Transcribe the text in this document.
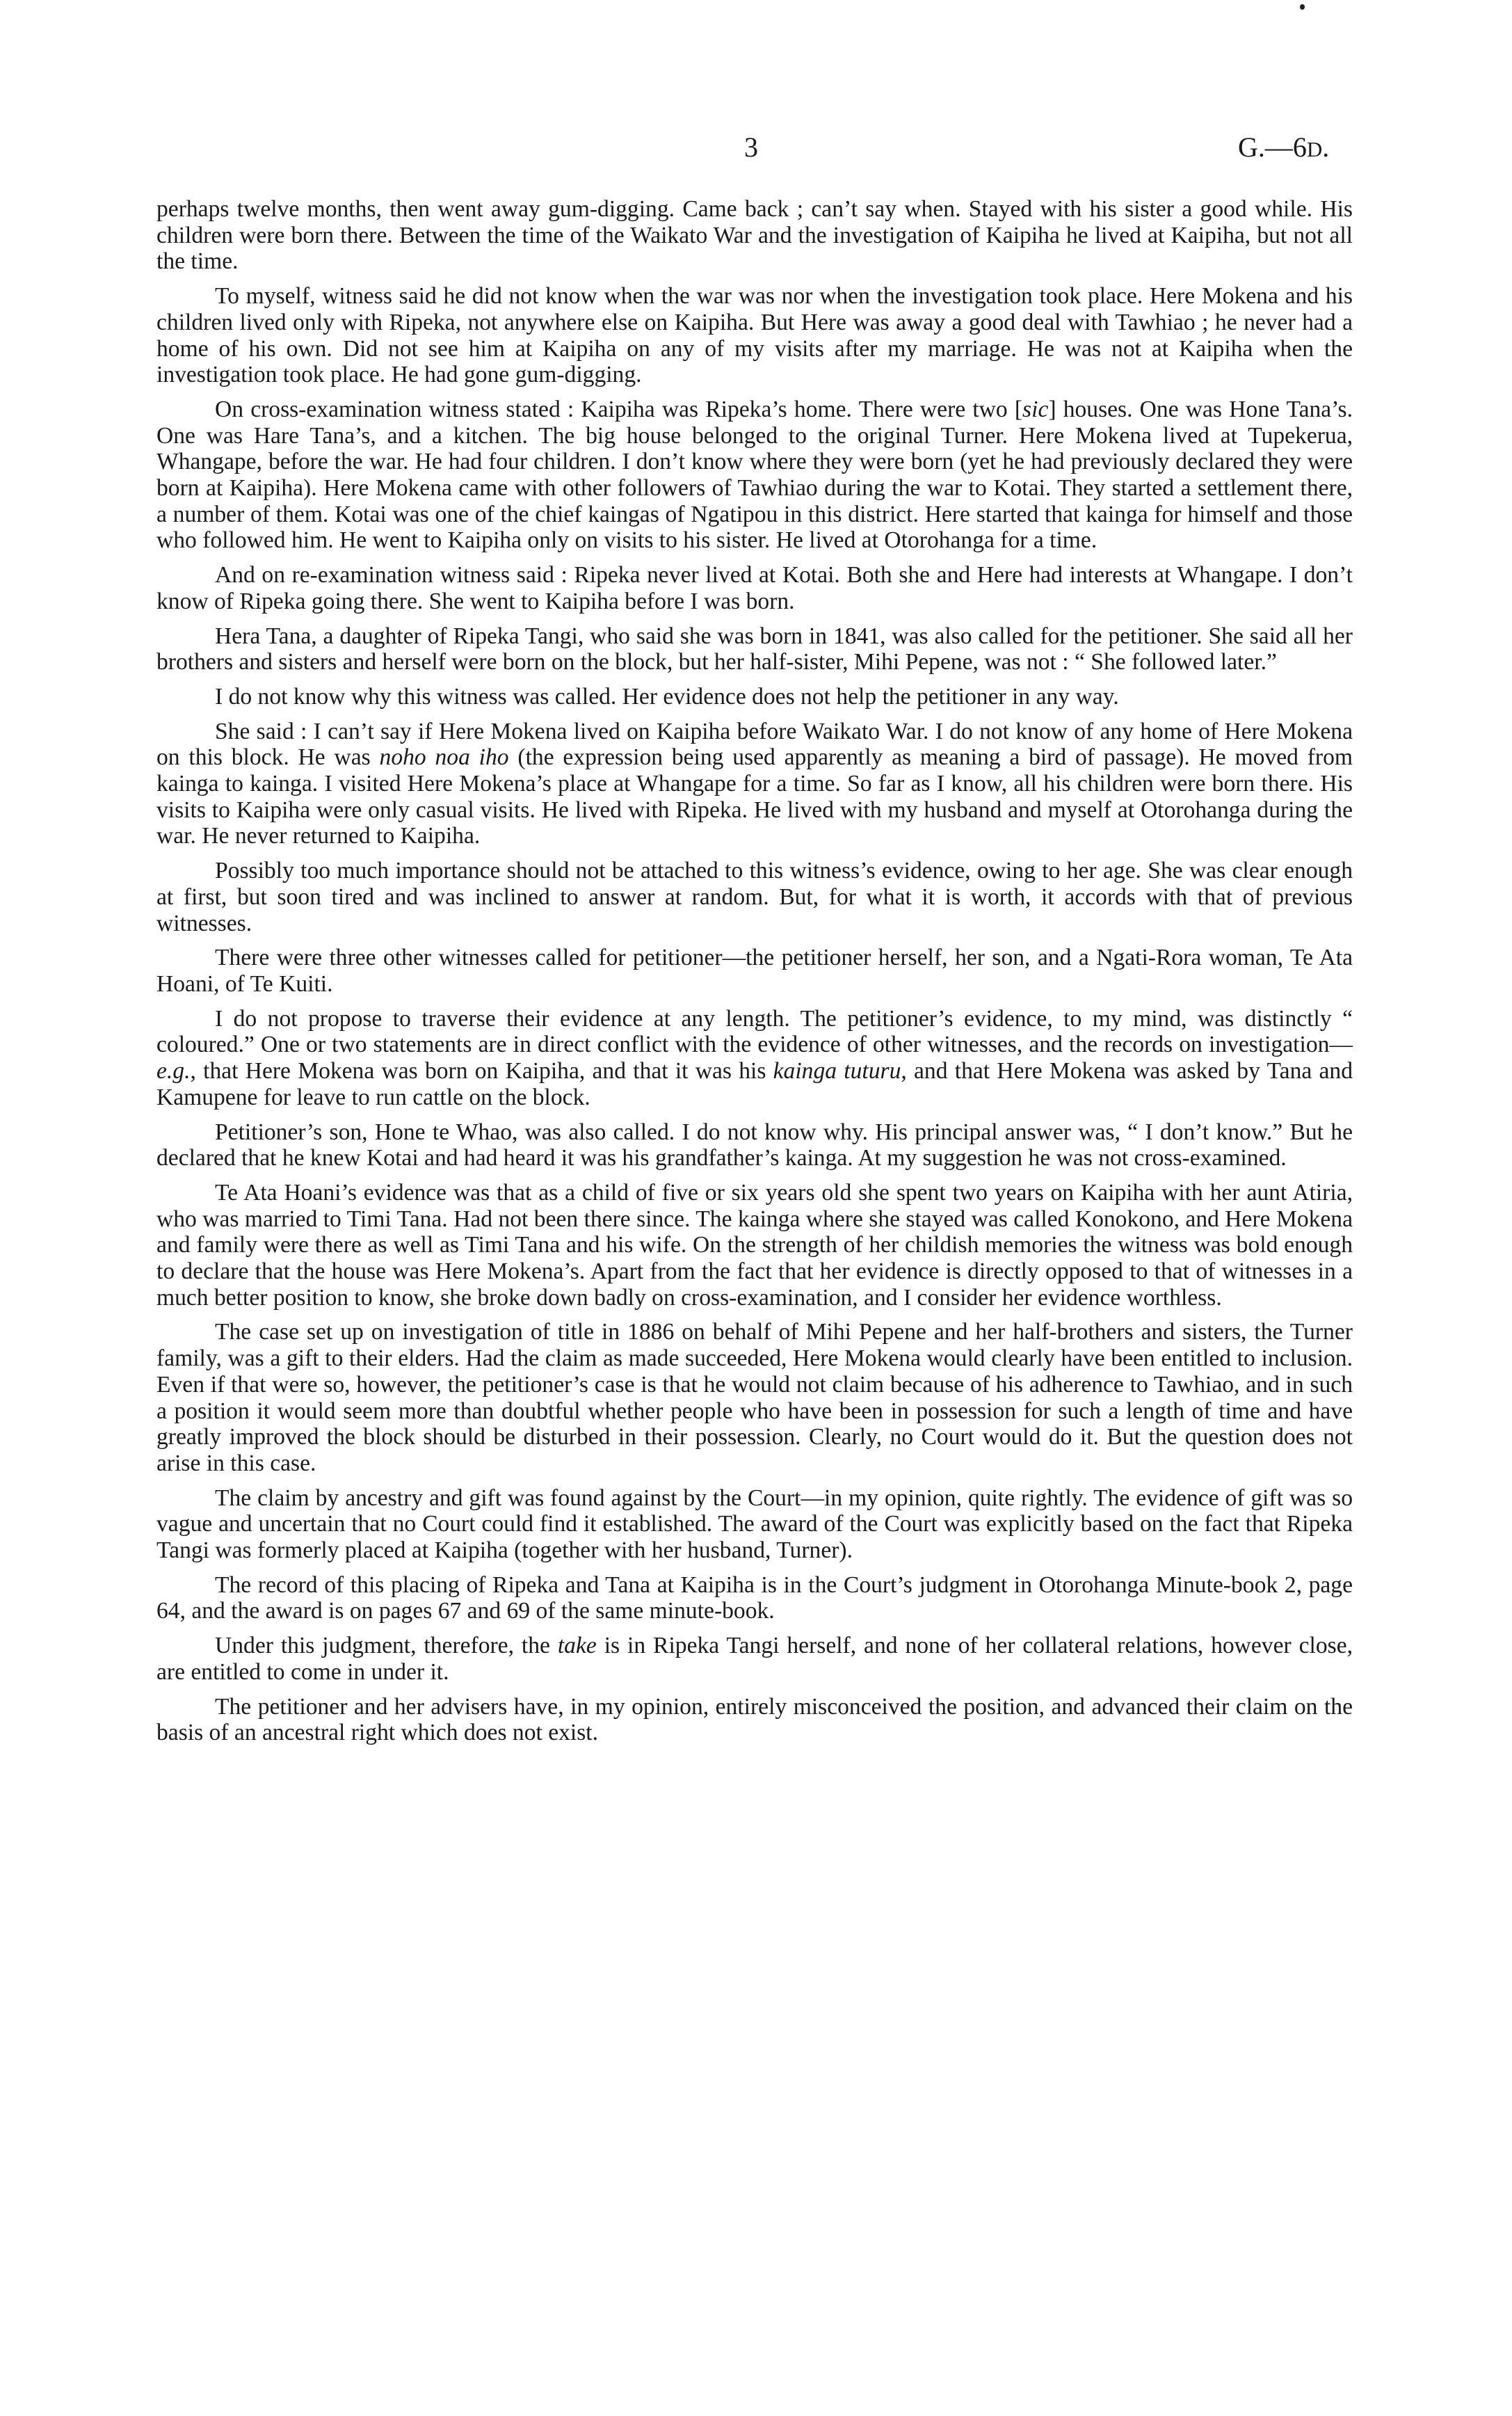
3	G.—6D.

perhaps twelve months, then went away gum-digging. Came back ; can’t say when. Stayed with his sister a good while. His children were born there. Between the time of the Waikato War and the investigation of Kaipiha he lived at Kaipiha, but not all the time.

To myself, witness said he did not know when the war was nor when the investigation took place. Here Mokena and his children lived only with Ripeka, not anywhere else on Kaipiha. But Here was away a good deal with Tawhiao ; he never had a home of his own. Did not see him at Kaipiha on any of my visits after my marriage. He was not at Kaipiha when the investigation took place. He had gone gum-digging.

On cross-examination witness stated : Kaipiha was Ripeka’s home. There were two [sic] houses. One was Hone Tana’s. One was Hare Tana’s, and a kitchen. The big house belonged to the original Turner. Here Mokena lived at Tupekerua, Whangape, before the war. He had four children. I don’t know where they were born (yet he had previously declared they were born at Kaipiha). Here Mokena came with other followers of Tawhiao during the war to Kotai. They started a settlement there, a number of them. Kotai was one of the chief kaingas of Ngatipou in this district. Here started that kainga for himself and those who followed him. He went to Kaipiha only on visits to his sister. He lived at Otorohanga for a time.

And on re-examination witness said : Ripeka never lived at Kotai. Both she and Here had interests at Whangape. I don’t know of Ripeka going there. She went to Kaipiha before I was born.

Hera Tana, a daughter of Ripeka Tangi, who said she was born in 1841, was also called for the petitioner. She said all her brothers and sisters and herself were born on the block, but her half-sister, Mihi Pepene, was not : “ She followed later.”

I do not know why this witness was called. Her evidence does not help the petitioner in any way.

She said : I can’t say if Here Mokena lived on Kaipiha before Waikato War. I do not know of any home of Here Mokena on this block. He was noho noa iho (the expression being used apparently as meaning a bird of passage). He moved from kainga to kainga. I visited Here Mokena’s place at Whangape for a time. So far as I know, all his children were born there. His visits to Kaipiha were only casual visits. He lived with Ripeka. He lived with my husband and myself at Otorohanga during the war. He never returned to Kaipiha.

Possibly too much importance should not be attached to this witness’s evidence, owing to her age. She was clear enough at first, but soon tired and was inclined to answer at random. But, for what it is worth, it accords with that of previous witnesses.

There were three other witnesses called for petitioner—the petitioner herself, her son, and a Ngati-Rora woman, Te Ata Hoani, of Te Kuiti.

I do not propose to traverse their evidence at any length. The petitioner’s evidence, to my mind, was distinctly “ coloured.” One or two statements are in direct conflict with the evidence of other witnesses, and the records on investigation—e.g., that Here Mokena was born on Kaipiha, and that it was his kainga tuturu, and that Here Mokena was asked by Tana and Kamupene for leave to run cattle on the block.

Petitioner’s son, Hone te Whao, was also called. I do not know why. His principal answer was, “ I don’t know.” But he declared that he knew Kotai and had heard it was his grandfather’s kainga. At my suggestion he was not cross-examined.

Te Ata Hoani’s evidence was that as a child of five or six years old she spent two years on Kaipiha with her aunt Atiria, who was married to Timi Tana. Had not been there since. The kainga where she stayed was called Konokono, and Here Mokena and family were there as well as Timi Tana and his wife. On the strength of her childish memories the witness was bold enough to declare that the house was Here Mokena’s. Apart from the fact that her evidence is directly opposed to that of witnesses in a much better position to know, she broke down badly on cross-examination, and I consider her evidence worthless.

The case set up on investigation of title in 1886 on behalf of Mihi Pepene and her half-brothers and sisters, the Turner family, was a gift to their elders. Had the claim as made succeeded, Here Mokena would clearly have been entitled to inclusion. Even if that were so, however, the petitioner’s case is that he would not claim because of his adherence to Tawhiao, and in such a position it would seem more than doubtful whether people who have been in possession for such a length of time and have greatly improved the block should be disturbed in their possession. Clearly, no Court would do it. But the question does not arise in this case.

The claim by ancestry and gift was found against by the Court—in my opinion, quite rightly. The evidence of gift was so vague and uncertain that no Court could find it established. The award of the Court was explicitly based on the fact that Ripeka Tangi was formerly placed at Kaipiha (together with her husband, Turner).

The record of this placing of Ripeka and Tana at Kaipiha is in the Court’s judgment in Otorohanga Minute-book 2, page 64, and the award is on pages 67 and 69 of the same minute-book.

Under this judgment, therefore, the take is in Ripeka Tangi herself, and none of her collateral relations, however close, are entitled to come in under it.

The petitioner and her advisers have, in my opinion, entirely misconceived the position, and advanced their claim on the basis of an ancestral right which does not exist.
